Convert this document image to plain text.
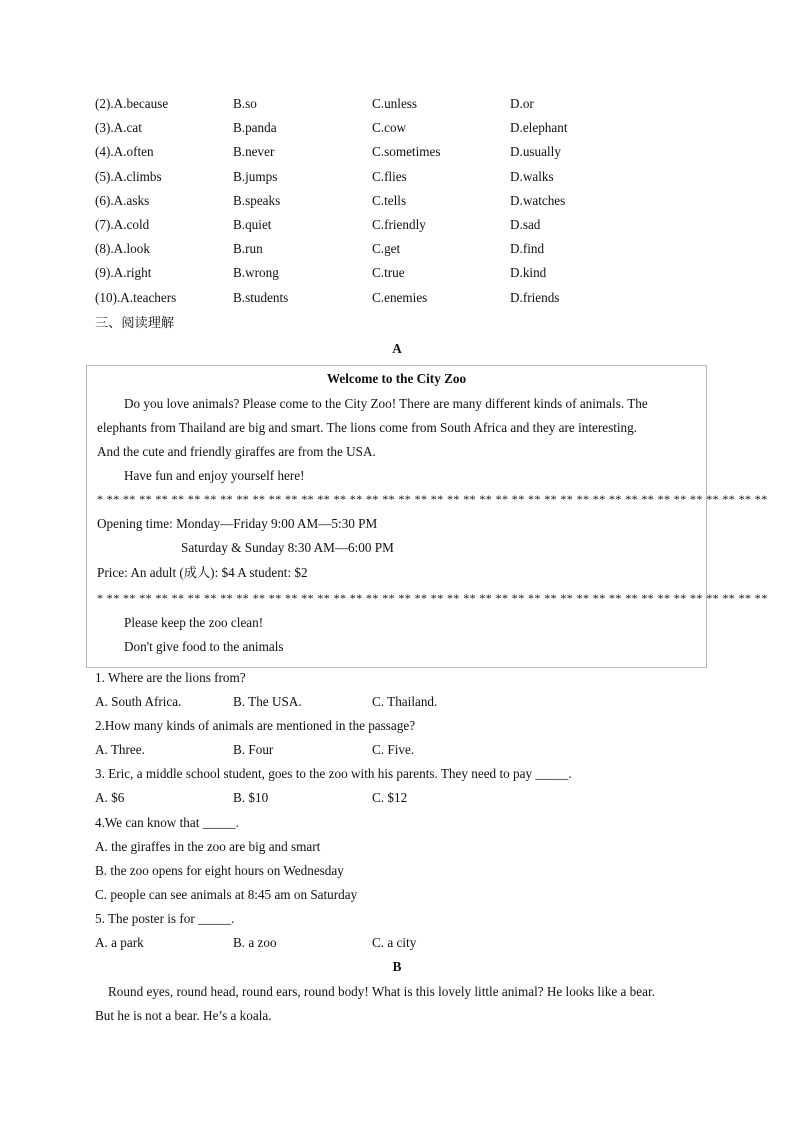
(2).A.because	B.so	C.unless	D.or
(3).A.cat	B.panda	C.cow	D.elephant
(4).A.often	B.never	C.sometimes	D.usually
(5).A.climbs	B.jumps	C.flies	D.walks
(6).A.asks	B.speaks	C.tells	D.watches
(7).A.cold	B.quiet	C.friendly	D.sad
(8).A.look	B.run	C.get	D.find
(9).A.right	B.wrong	C.true	D.kind
(10).A.teachers	B.students	C.enemies	D.friends
三、阅读理解
A
Welcome to the City Zoo
Do you love animals? Please come to the City Zoo! There are many different kinds of animals. The
elephants from Thailand are big and smart. The lions come from South Africa and they are interesting.
And the cute and friendly giraffes are from the USA.
Have fun and enjoy yourself here!
* ** ** ** ** ** ** ** ** ** ** ** ** ** ** ** ** ** ** ** ** ** ** ** ** ** ** ** ** ** ** ** ** ** ** ** ** ** ** ** ** **
Opening time: Monday—Friday 9:00 AM—5:30 PM
Saturday & Sunday 8:30 AM—6:00 PM
Price: An adult (成人): $4 A student: $2
* ** ** ** ** ** ** ** ** ** ** ** ** ** ** ** ** ** ** ** ** ** ** ** ** ** ** ** ** ** ** ** ** ** ** ** ** ** ** ** ** **
Please keep the zoo clean!
Don't give food to the animals
1. Where are the lions from?
A. South Africa.	B. The USA.	C. Thailand.
2.How many kinds of animals are mentioned in the passage?
A. Three.	B. Four	C. Five.
3. Eric, a middle school student, goes to the zoo with his parents. They need to pay _____.
A. $6	B. $10	C. $12
4.We can know that _____.
A. the giraffes in the zoo are big and smart
B. the zoo opens for eight hours on Wednesday
C. people can see animals at 8:45 am on Saturday
5. The poster is for _____.
A. a park	B. a zoo	C. a city
B
Round eyes, round head, round ears, round body! What is this lovely little animal? He looks like a bear.
But he is not a bear. He’s a koala.
